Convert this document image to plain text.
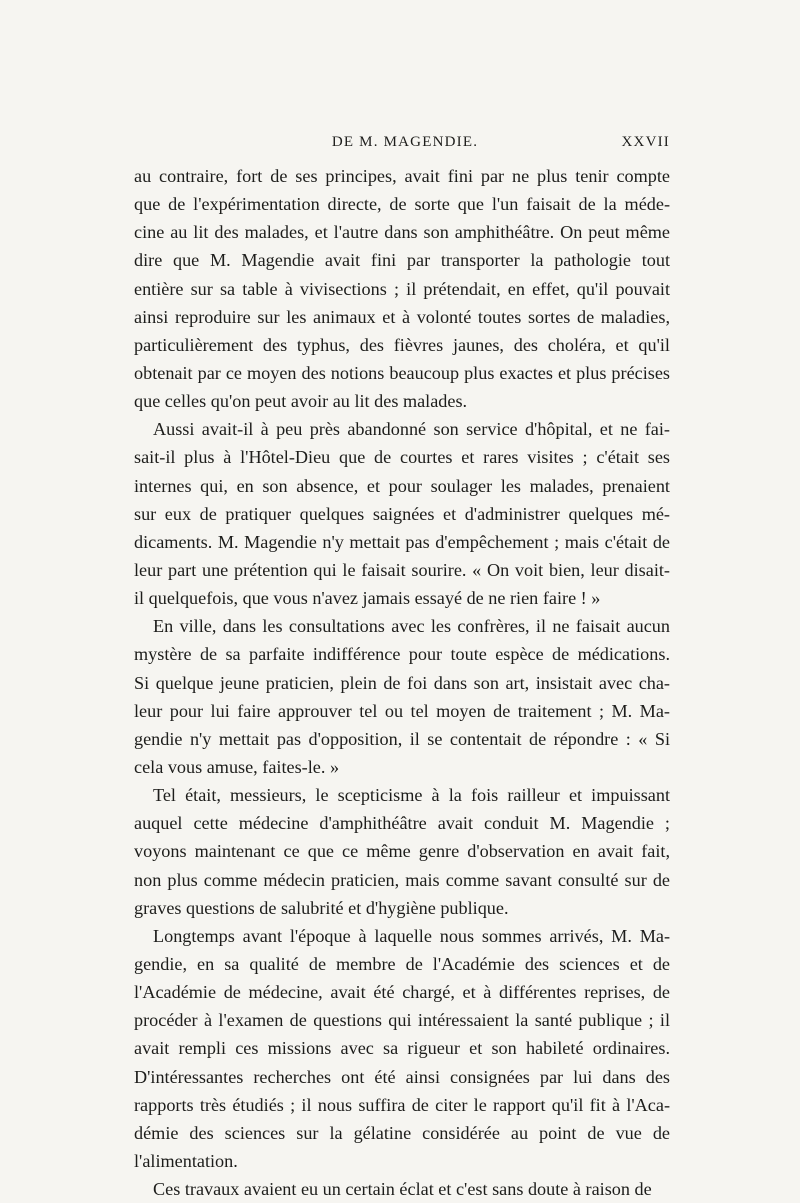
DE M. MAGENDIE.	XXVII
au contraire, fort de ses principes, avait fini par ne plus tenir compte
que de l'expérimentation directe, de sorte que l'un faisait de la méde-
cine au lit des malades, et l'autre dans son amphithéâtre. On peut même
dire que M. Magendie avait fini par transporter la pathologie tout
entière sur sa table à vivisections ; il prétendait, en effet, qu'il pouvait
ainsi reproduire sur les animaux et à volonté toutes sortes de maladies,
particulièrement des typhus, des fièvres jaunes, des choléra, et qu'il
obtenait par ce moyen des notions beaucoup plus exactes et plus précises
que celles qu'on peut avoir au lit des malades.
Aussi avait-il à peu près abandonné son service d'hôpital, et ne fai-
sait-il plus à l'Hôtel-Dieu que de courtes et rares visites ; c'était ses
internes qui, en son absence, et pour soulager les malades, prenaient
sur eux de pratiquer quelques saignées et d'administrer quelques mé-
dicaments. M. Magendie n'y mettait pas d'empêchement ; mais c'était de
leur part une prétention qui le faisait sourire. « On voit bien, leur disait-
il quelquefois, que vous n'avez jamais essayé de ne rien faire ! »
En ville, dans les consultations avec les confrères, il ne faisait aucun
mystère de sa parfaite indifférence pour toute espèce de médications.
Si quelque jeune praticien, plein de foi dans son art, insistait avec cha-
leur pour lui faire approuver tel ou tel moyen de traitement ; M. Ma-
gendie n'y mettait pas d'opposition, il se contentait de répondre : « Si
cela vous amuse, faites-le. »
Tel était, messieurs, le scepticisme à la fois railleur et impuissant
auquel cette médecine d'amphithéâtre avait conduit M. Magendie ;
voyons maintenant ce que ce même genre d'observation en avait fait,
non plus comme médecin praticien, mais comme savant consulté sur de
graves questions de salubrité et d'hygiène publique.
Longtemps avant l'époque à laquelle nous sommes arrivés, M. Ma-
gendie, en sa qualité de membre de l'Académie des sciences et de
l'Académie de médecine, avait été chargé, et à différentes reprises, de
procéder à l'examen de questions qui intéressaient la santé publique ; il
avait rempli ces missions avec sa rigueur et son habileté ordinaires.
D'intéressantes recherches ont été ainsi consignées par lui dans des
rapports très étudiés ; il nous suffira de citer le rapport qu'il fit à l'Aca-
démie des sciences sur la gélatine considérée au point de vue de
l'alimentation.
Ces travaux avaient eu un certain éclat et c'est sans doute à raison de
